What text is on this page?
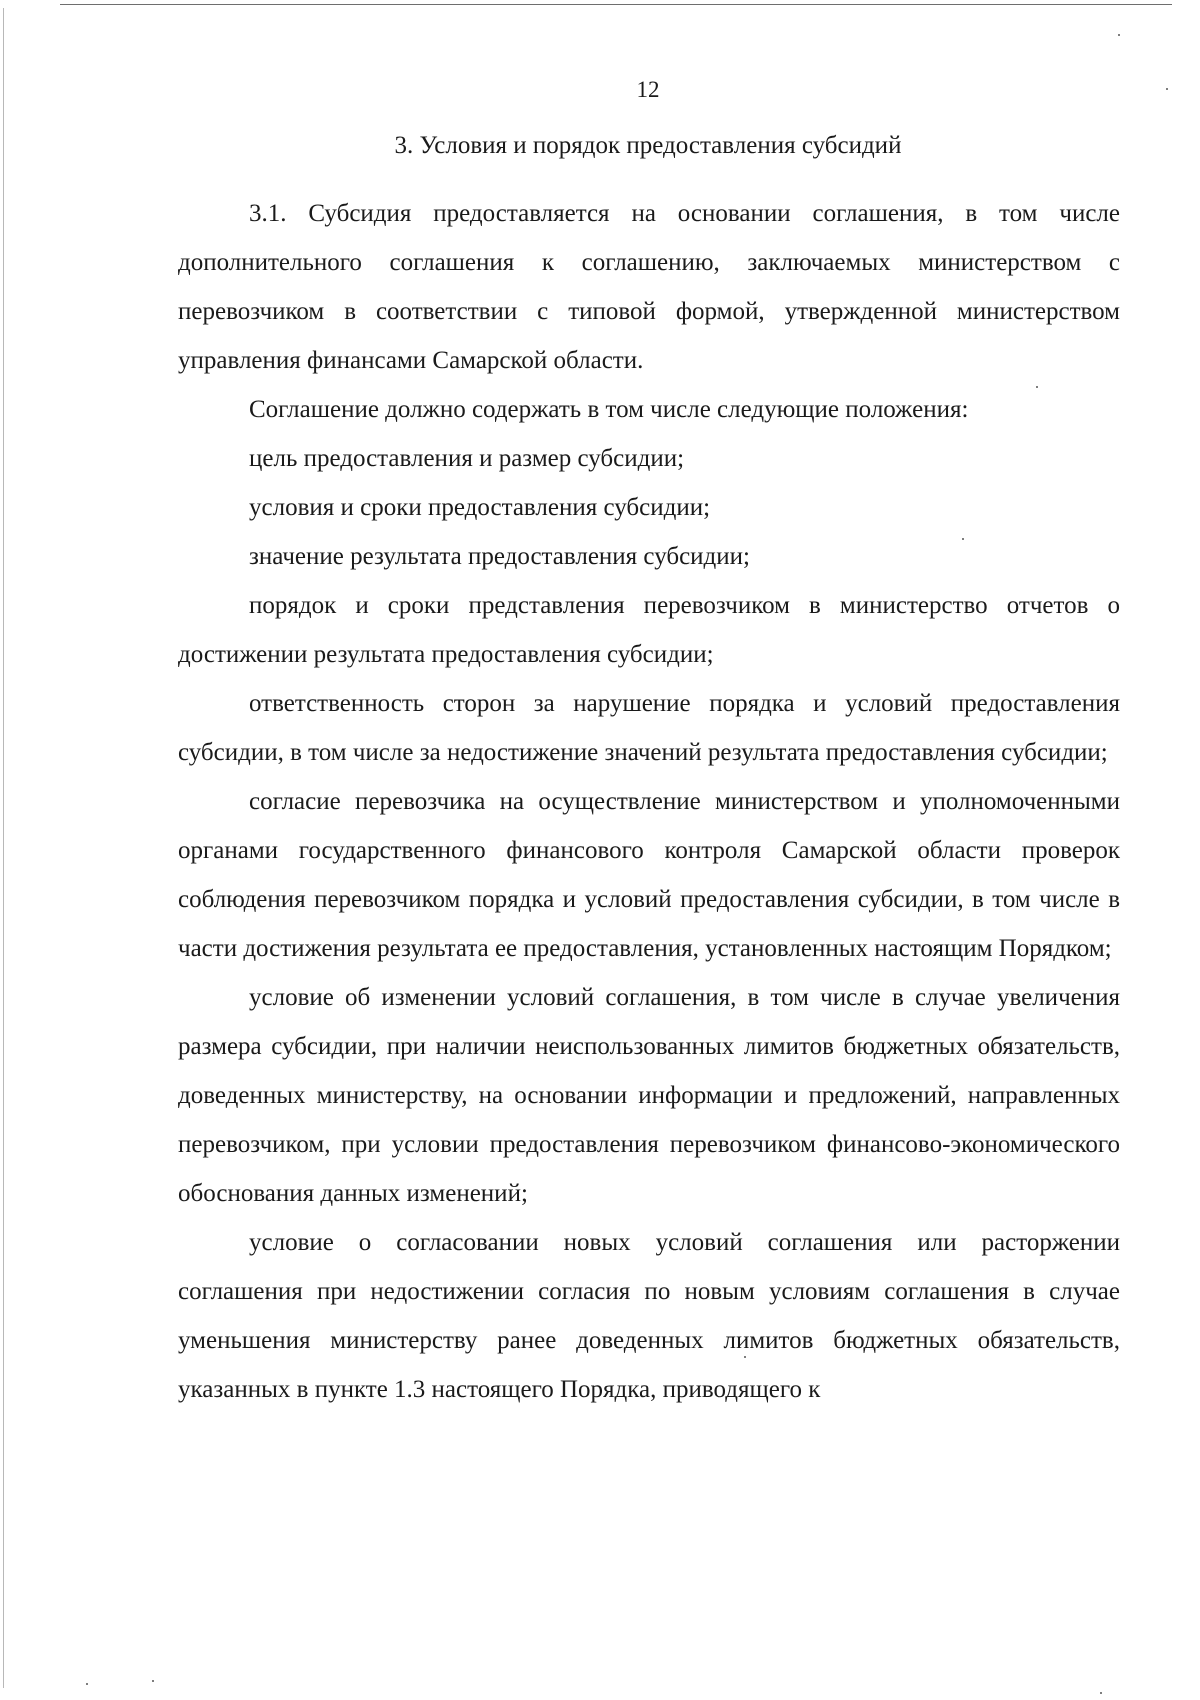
12
3. Условия и порядок предоставления субсидий

3.1. Субсидия предоставляется на основании соглашения, в том числе дополнительного соглашения к соглашению, заключаемых министерством с перевозчиком в соответствии с типовой формой, утвержденной министерством управления финансами Самарской области.

Соглашение должно содержать в том числе следующие положения:

цель предоставления и размер субсидии;

условия и сроки предоставления субсидии;

значение результата предоставления субсидии;

порядок и сроки представления перевозчиком в министерство отчетов о достижении результата предоставления субсидии;

ответственность сторон за нарушение порядка и условий предоставления субсидии, в том числе за недостижение значений результата предоставления субсидии;

согласие перевозчика на осуществление министерством и уполномоченными органами государственного финансового контроля Самарской области проверок соблюдения перевозчиком порядка и условий предоставления субсидии, в том числе в части достижения результата ее предоставления, установленных настоящим Порядком;

условие об изменении условий соглашения, в том числе в случае увеличения размера субсидии, при наличии неиспользованных лимитов бюджетных обязательств, доведенных министерству, на основании информации и предложений, направленных перевозчиком, при условии предоставления перевозчиком финансово-экономического обоснования данных изменений;

условие о согласовании новых условий соглашения или расторжении соглашения при недостижении согласия по новым условиям соглашения в случае уменьшения министерству ранее доведенных лимитов бюджетных обязательств, указанных в пункте 1.3 настоящего Порядка, приводящего к
